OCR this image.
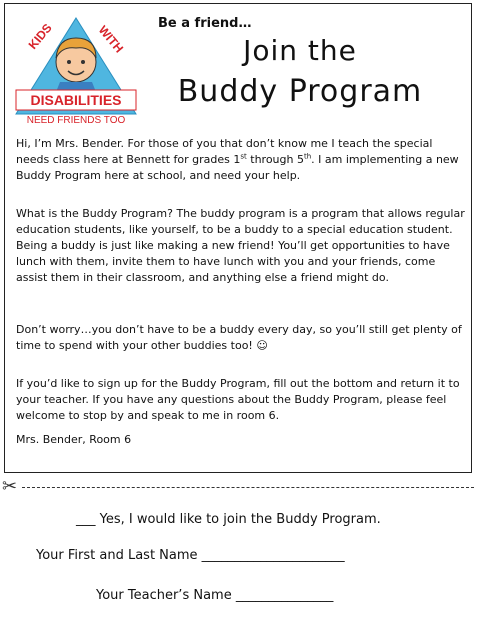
KIDS	WITH
DISABILITIES
NEED FRIENDS TOO
Be a friend…
Join the
Buddy Program
Hi, I’m Mrs. Bender. For those of you that don’t know me I teach the special needs class here at Bennett for grades 1st through 5th. I am implementing a new Buddy Program here at school, and need your help.
What is the Buddy Program? The buddy program is a program that allows regular education students, like yourself, to be a buddy to a special education student. Being a buddy is just like making a new friend! You’ll get opportunities to have lunch with them, invite them to have lunch with you and your friends, come assist them in their classroom, and anything else a friend might do.
Don’t worry…you don’t have to be a buddy every day, so you’ll still get plenty of time to spend with your other buddies too! ☺
If you’d like to sign up for the Buddy Program, fill out the bottom and return it to your teacher. If you have any questions about the Buddy Program, please feel welcome to stop by and speak to me in room 6.
Mrs. Bender, Room 6
✂
___ Yes, I would like to join the Buddy Program.
Your First and Last Name ______________________
Your Teacher’s Name _______________
